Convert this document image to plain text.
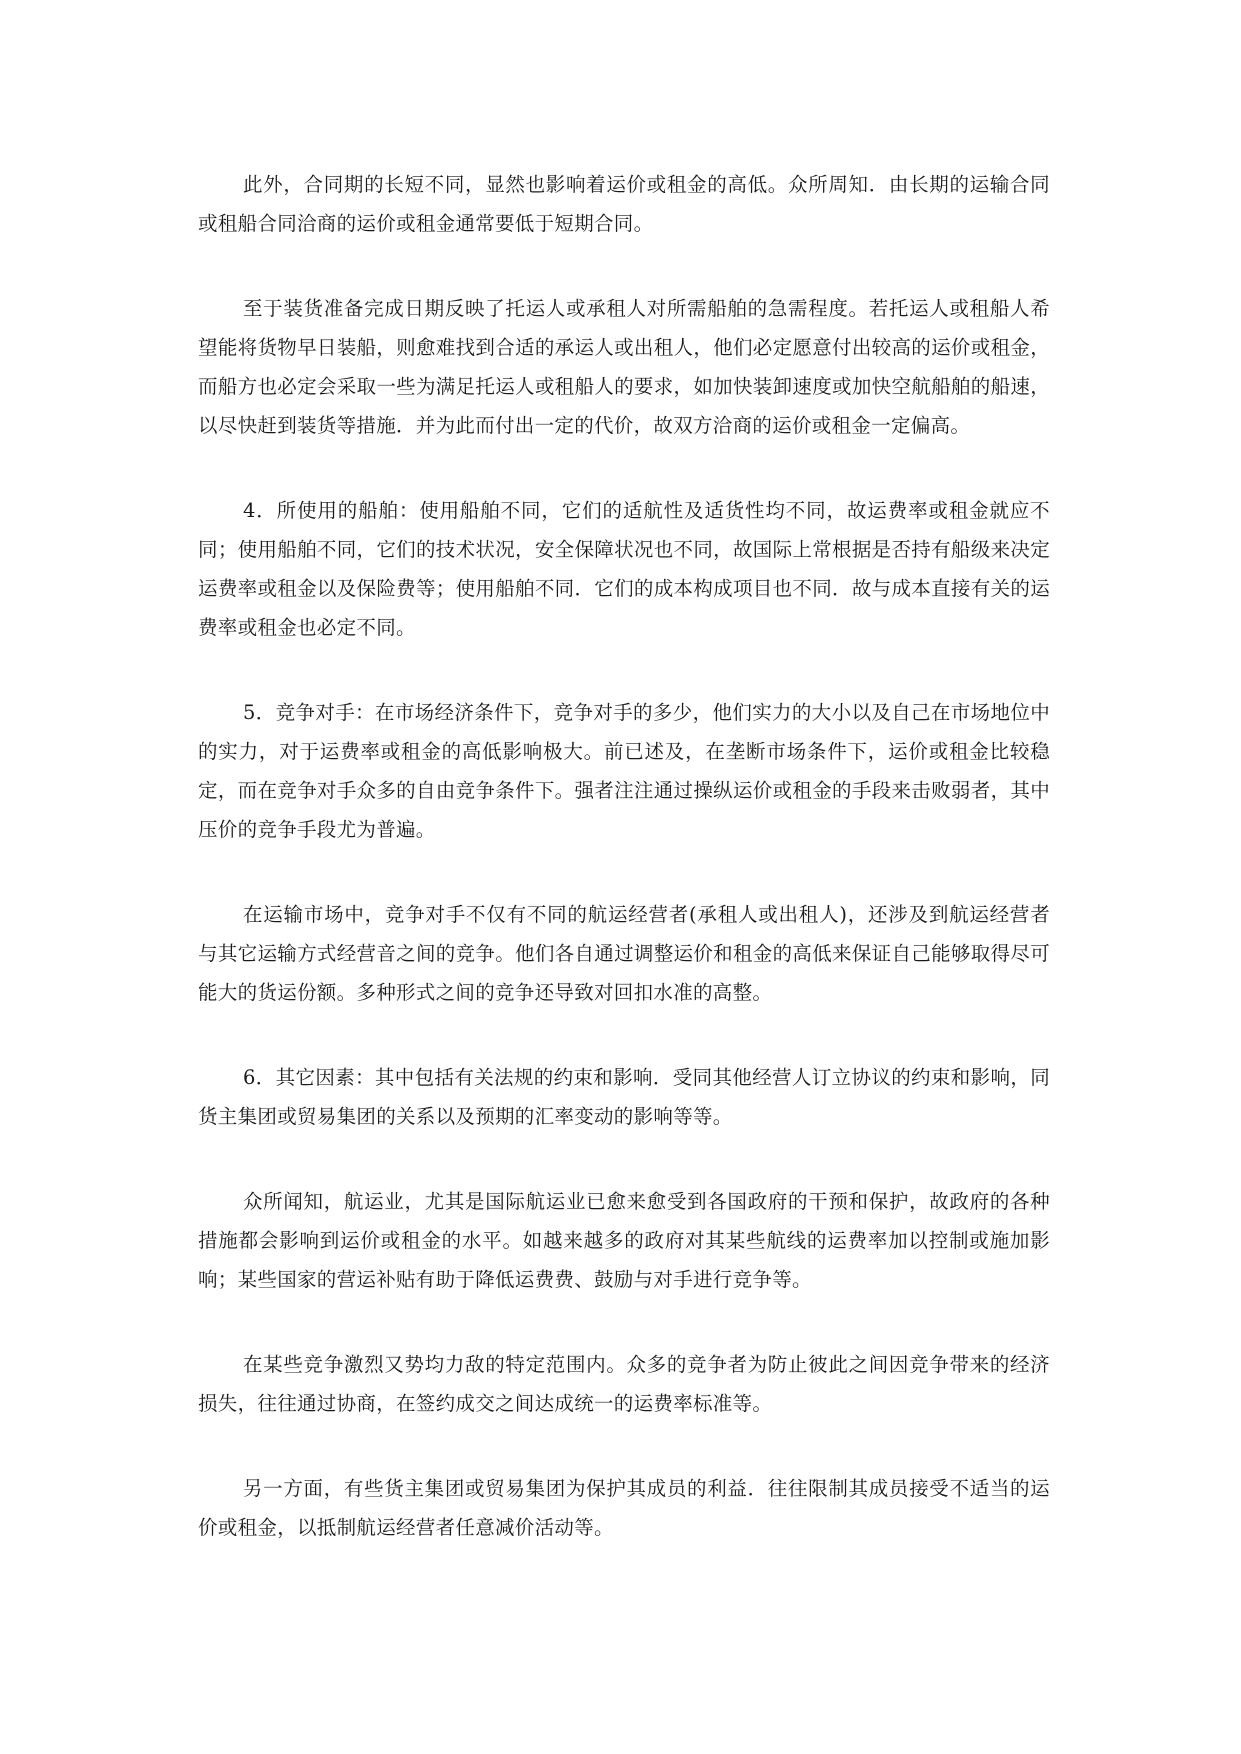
此外，合同期的长短不同，显然也影响着运价或租金的高低。众所周知．由长期的运输合同或租船合同洽商的运价或租金通常要低于短期合同。

至于装货准备完成日期反映了托运人或承租人对所需船舶的急需程度。若托运人或租船人希望能将货物早日装船，则愈难找到合适的承运人或出租人，他们必定愿意付出较高的运价或租金，而船方也必定会采取一些为满足托运人或租船人的要求，如加快装卸速度或加快空航船舶的船速，以尽快赶到装货等措施．并为此而付出一定的代价，故双方洽商的运价或租金一定偏高。

4．所使用的船舶：使用船舶不同，它们的适航性及适货性均不同，故运费率或租金就应不同；使用船舶不同，它们的技术状况，安全保障状况也不同，故国际上常根据是否持有船级来决定运费率或租金以及保险费等；使用船舶不同．它们的成本构成项目也不同．故与成本直接有关的运费率或租金也必定不同。

5．竞争对手：在市场经济条件下，竞争对手的多少，他们实力的大小以及自己在市场地位中的实力，对于运费率或租金的高低影响极大。前已述及，在垄断市场条件下，运价或租金比较稳定，而在竞争对手众多的自由竞争条件下。强者注注通过操纵运价或租金的手段来击败弱者，其中压价的竞争手段尤为普遍。

在运输市场中，竞争对手不仅有不同的航运经营者(承租人或出租人)，还涉及到航运经营者与其它运输方式经营音之间的竞争。他们各自通过调整运价和租金的高低来保证自己能够取得尽可能大的货运份额。多种形式之间的竞争还导致对回扣水准的高整。

6．其它因素：其中包括有关法规的约束和影响．受同其他经营人订立协议的约束和影响，同货主集团或贸易集团的关系以及预期的汇率变动的影响等等。

众所闻知，航运业，尤其是国际航运业已愈来愈受到各国政府的干预和保护，故政府的各种措施都会影响到运价或租金的水平。如越来越多的政府对其某些航线的运费率加以控制或施加影响；某些国家的营运补贴有助于降低运费费、鼓励与对手进行竞争等。

在某些竞争激烈又势均力敌的特定范围内。众多的竞争者为防止彼此之间因竞争带来的经济损失，往往通过协商，在签约成交之间达成统一的运费率标准等。

另一方面，有些货主集团或贸易集团为保护其成员的利益．往往限制其成员接受不适当的运价或租金，以抵制航运经营者任意减价活动等。
